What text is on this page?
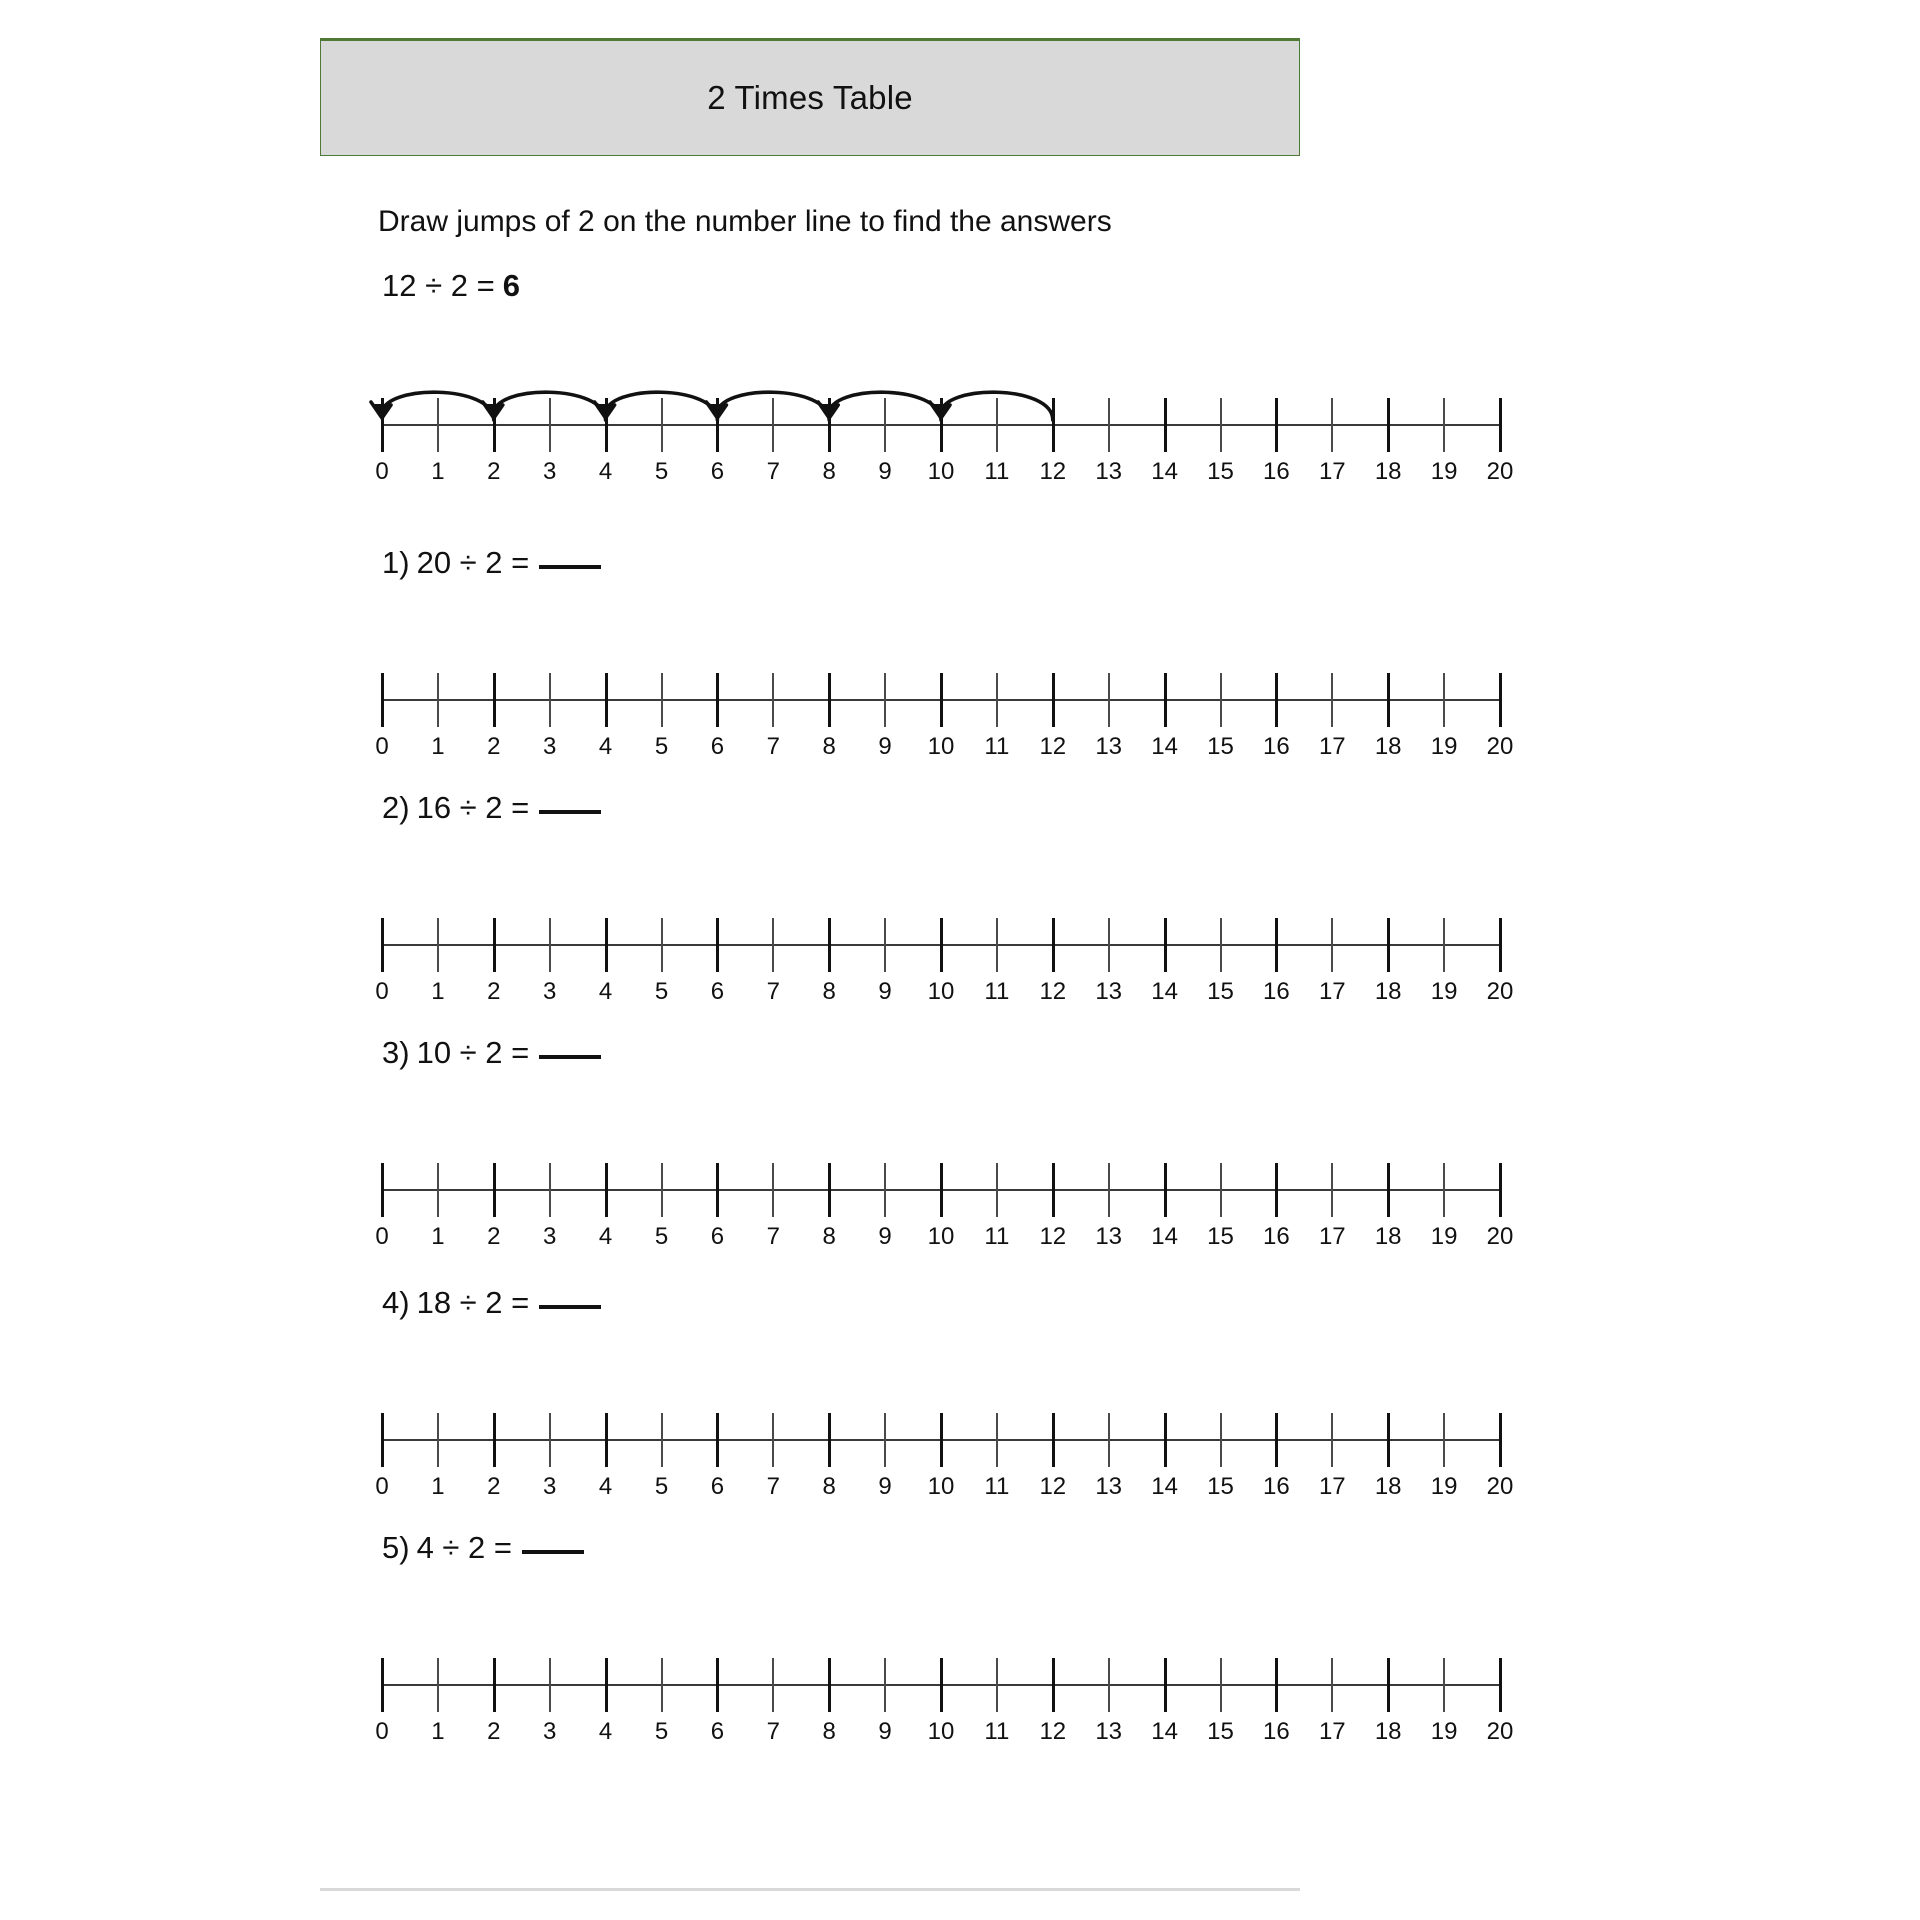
2 Times Table
Draw jumps of 2 on the number line to find the answers
12 ÷ 2 = 6
0 1 2 3 4 5 6 7 8 9 10 11 12 13 14 15 16 17 18 19 20
1) 20 ÷ 2 =
0 1 2 3 4 5 6 7 8 9 10 11 12 13 14 15 16 17 18 19 20
2) 16 ÷ 2 =
0 1 2 3 4 5 6 7 8 9 10 11 12 13 14 15 16 17 18 19 20
3) 10 ÷ 2 =
0 1 2 3 4 5 6 7 8 9 10 11 12 13 14 15 16 17 18 19 20
4) 18 ÷ 2 =
0 1 2 3 4 5 6 7 8 9 10 11 12 13 14 15 16 17 18 19 20
5) 4 ÷ 2 =
0 1 2 3 4 5 6 7 8 9 10 11 12 13 14 15 16 17 18 19 20
